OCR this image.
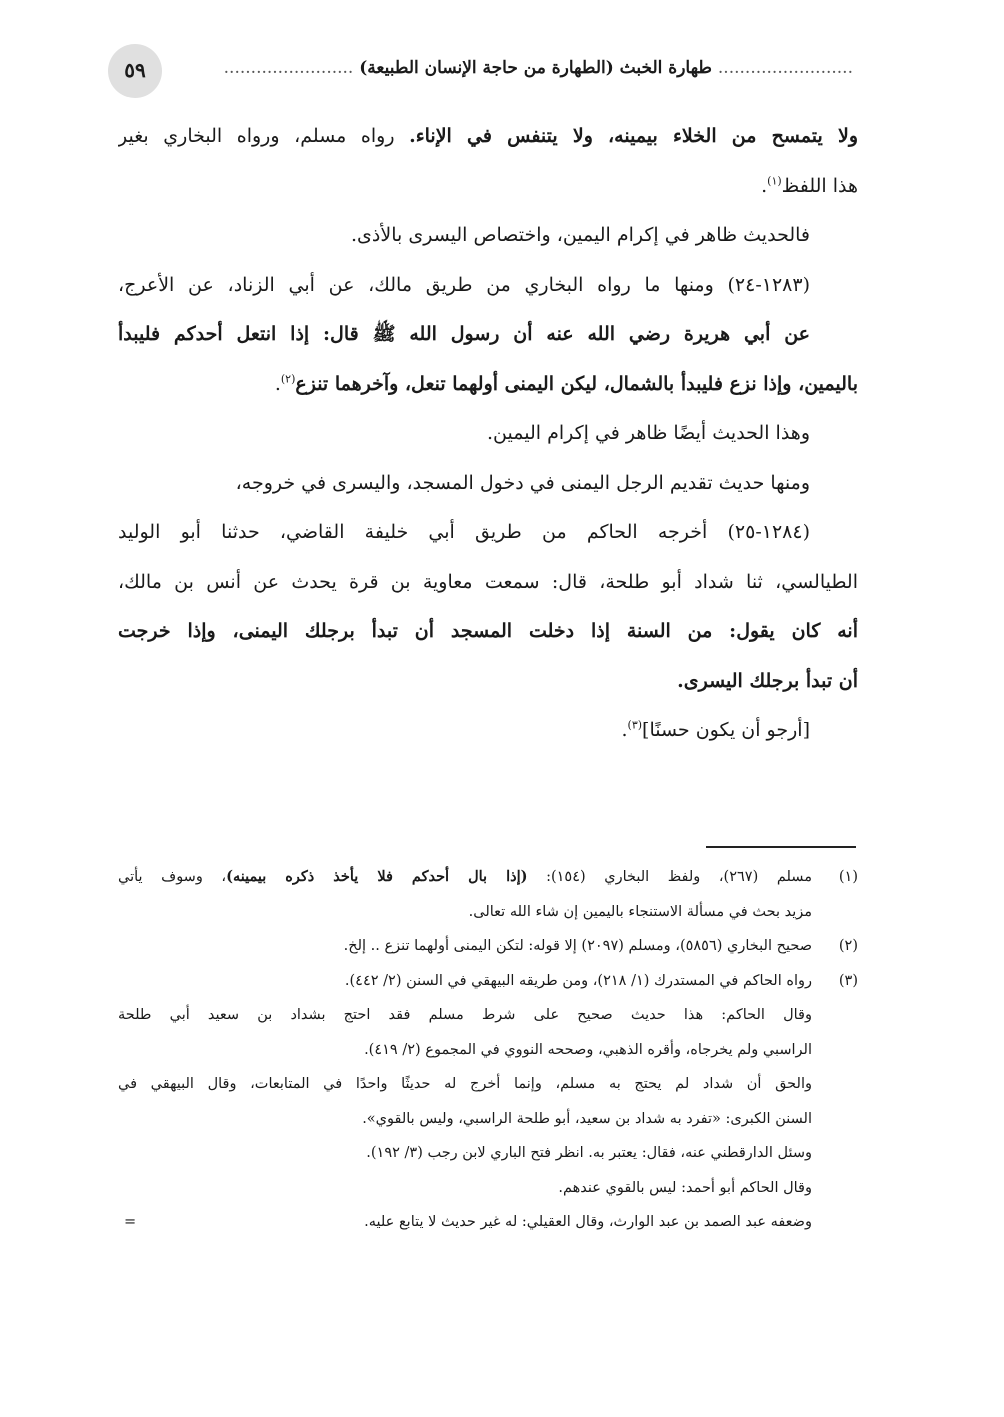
٥٩	......................... طهارة الخبث (الطهارة من حاجة الإنسان الطبيعة) ........................
ولا يتمسح من الخلاء بيمينه، ولا يتنفس في الإناء. رواه مسلم، ورواه البخاري بغير
هذا اللفظ$^{(١)}$.
فالحديث ظاهر في إكرام اليمين، واختصاص اليسرى بالأذى.
(١٢٨٣-٢٤) ومنها ما رواه البخاري من طريق مالك، عن أبي الزناد، عن الأعرج،
عن أبي هريرة رضي الله عنه أن رسول الله ﷺ قال: إذا انتعل أحدكم فليبدأ
باليمين، وإذا نزع فليبدأ بالشمال، ليكن اليمنى أولهما تنعل، وآخرهما تنزع$^{(٢)}$.
وهذا الحديث أيضًا ظاهر في إكرام اليمين.
ومنها حديث تقديم الرجل اليمنى في دخول المسجد، واليسرى في خروجه،
(١٢٨٤-٢٥) أخرجه الحاكم من طريق أبي خليفة القاضي، حدثنا أبو الوليد
الطيالسي، ثنا شداد أبو طلحة، قال: سمعت معاوية بن قرة يحدث عن أنس بن مالك،
أنه كان يقول: من السنة إذا دخلت المسجد أن تبدأ برجلك اليمنى، وإذا خرجت
أن تبدأ برجلك اليسرى.
[أرجو أن يكون حسنًا]$^{(٣)}$.
(١)
مسلم (٢٦٧)، ولفظ البخاري (١٥٤): (إذا بال أحدكم فلا يأخذ ذكره بيمينه)، وسوف يأتي
مزيد بحث في مسألة الاستنجاء باليمين إن شاء الله تعالى.
(٢)
صحيح البخاري (٥٨٥٦)، ومسلم (٢٠٩٧) إلا قوله: لتكن اليمنى أولهما تنزع .. إلخ.
(٣)
رواه الحاكم في المستدرك (١/ ٢١٨)، ومن طريقه البيهقي في السنن (٢/ ٤٤٢).
وقال الحاكم: هذا حديث صحيح على شرط مسلم فقد احتج بشداد بن سعيد أبي طلحة
الراسبي ولم يخرجاه، وأقره الذهبي، وصححه النووي في المجموع (٢/ ٤١٩).
والحق أن شداد لم يحتج به مسلم، وإنما أخرج له حديثًا واحدًا في المتابعات، وقال البيهقي في
السنن الكبرى: «تفرد به شداد بن سعيد، أبو طلحة الراسبي، وليس بالقوي».
وسئل الدارقطني عنه، فقال: يعتبر به. انظر فتح الباري لابن رجب (٣/ ١٩٢).
وقال الحاكم أبو أحمد: ليس بالقوي عندهم.
وضعفه عبد الصمد بن عبد الوارث، وقال العقيلي: له غير حديث لا يتابع عليه.
=
